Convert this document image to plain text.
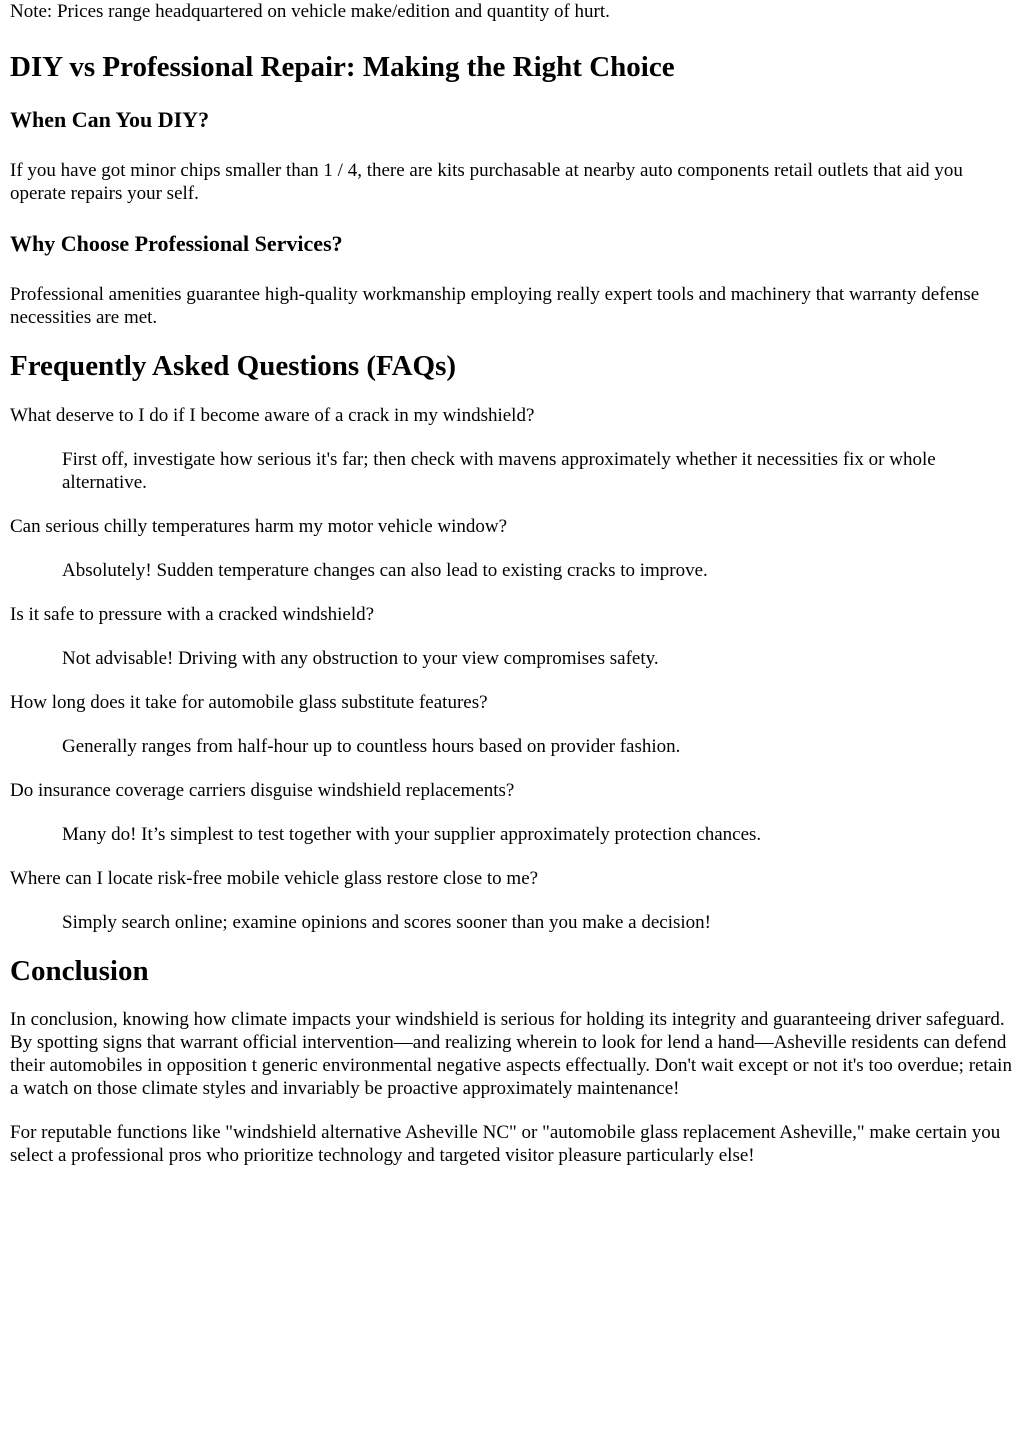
Note: Prices range headquartered on vehicle make/edition and quantity of hurt.

DIY vs Professional Repair: Making the Right Choice
When Can You DIY?

If you have got minor chips smaller than 1 / 4, there are kits purchasable at nearby auto components retail outlets that aid you operate repairs your self.

Why Choose Professional Services?

Professional amenities guarantee high-quality workmanship employing really expert tools and machinery that warranty defense necessities are met.

Frequently Asked Questions (FAQs)

What deserve to I do if I become aware of a crack in my windshield?

First off, investigate how serious it's far; then check with mavens approximately whether it necessities fix or whole alternative.

Can serious chilly temperatures harm my motor vehicle window?

Absolutely! Sudden temperature changes can also lead to existing cracks to improve.

Is it safe to pressure with a cracked windshield?

Not advisable! Driving with any obstruction to your view compromises safety.

How long does it take for automobile glass substitute features?

Generally ranges from half-hour up to countless hours based on provider fashion.

Do insurance coverage carriers disguise windshield replacements?

Many do! It’s simplest to test together with your supplier approximately protection chances.

Where can I locate risk-free mobile vehicle glass restore close to me?

Simply search online; examine opinions and scores sooner than you make a decision!

Conclusion

In conclusion, knowing how climate impacts your windshield is serious for holding its integrity and guaranteeing driver safeguard. By spotting signs that warrant official intervention—and realizing wherein to look for lend a hand—Asheville residents can defend their automobiles in opposition t generic environmental negative aspects effectually. Don't wait except or not it's too overdue; retain a watch on those climate styles and invariably be proactive approximately maintenance!

For reputable functions like "windshield alternative Asheville NC" or "automobile glass replacement Asheville," make certain you select a professional pros who prioritize technology and targeted visitor pleasure particularly else!
